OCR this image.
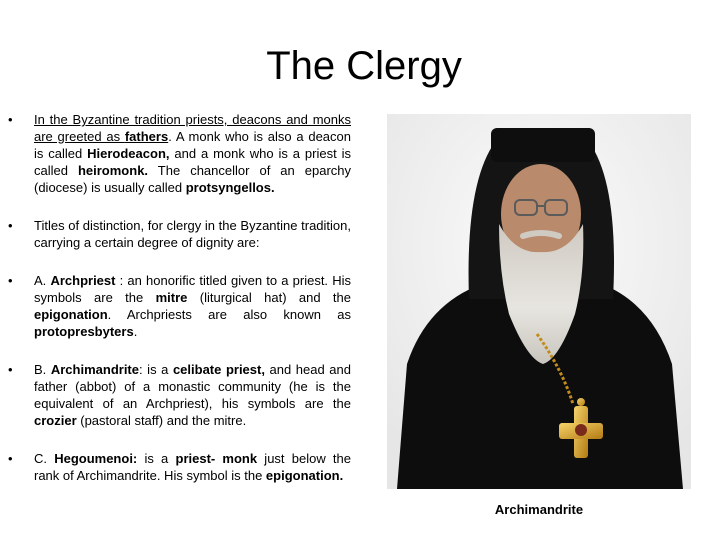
The Clergy
• In the Byzantine tradition priests, deacons and monks are greeted as fathers. A monk who is also a deacon is called Hierodeacon, and a monk who is a priest is called heiromonk. The chancellor of an eparchy (diocese) is usually called protsyngellos.
• Titles of distinction, for clergy in the Byzantine tradition, carrying a certain degree of dignity are:
• A. Archpriest : an honorific titled given to a priest. His symbols are the mitre (liturgical hat) and the epigonation. Archpriests are also known as protopresbyters.
• B. Archimandrite: is a celibate priest, and head and father (abbot) of a monastic community (he is the equivalent of an Archpriest), his symbols are the crozier (pastoral staff) and the mitre.
• C. Hegoumenoi: is a priest- monk just below the rank of Archimandrite. His symbol is the epigonation.
Archimandrite
